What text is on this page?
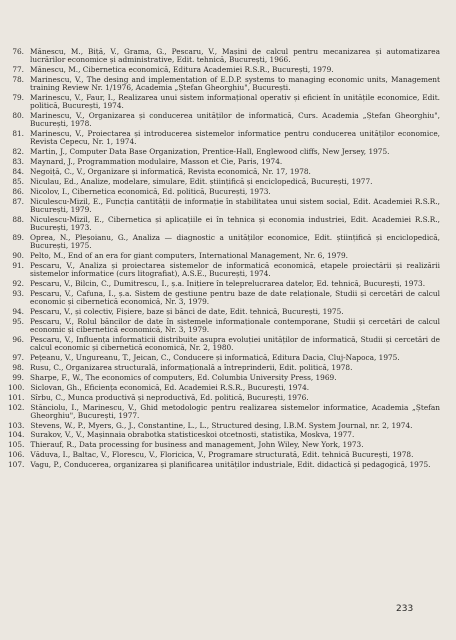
76. Mănescu, M., Biță, V., Grama, G., Pescaru, V., Mașini de calcul pentru mecanizarea și automatizarea lucrărilor economice și administrative, Edit. tehnică, București, 1966.
77. Mănescu, M., Cibernetica economică, Editura Academiei R.S.R., București, 1979.
78. Marinescu, V., The desing and implementation of E.D.P. systems to managing economic units, Management training Review Nr. 1/1976, Academia „Ștefan Gheorghiu", București.
79. Marinescu, V., Faur, I., Realizarea unui sistem informațional operativ și eficient în unitățile economice, Edit. politică, București, 1974.
80. Marinescu, V., Organizarea și conducerea unităților de informatică, Curs. Academia „Ștefan Gheorghiu", București, 1978.
81. Marinescu, V., Proiectarea și introducerea sistemelor informatice pentru conducerea unităților economice, Revista Cepecu, Nr. 1, 1974.
82. Martin, J., Computer Data Base Organization, Prentice-Hall, Englewood cliffs, New Jersey, 1975.
83. Maynard, J., Programmation modulaire, Masson et Cie, Paris, 1974.
84. Negoiță, C., V., Organizare și informatică, Revista economică, Nr. 17, 1978.
85. Niculau, Ed., Analize, modelare, simulare, Edit. științifică și enciclopedică, București, 1977.
86. Nicolov, I., Cibernetica economică, Ed. politică, București, 1973.
87. Niculescu-Mizil, E., Funcția cantității de informație în stabilitatea unui sistem social, Edit. Academiei R.S.R., București, 1979.
88. Niculescu-Mizil, E., Cibernetica și aplicațiile ei în tehnica și economia industriei, Edit. Academiei R.S.R., București, 1973.
89. Oprea, N., Pleșoianu, G., Analiza — diagnostic a unităților economice, Edit. științifică și enciclopedică, București, 1975.
90. Pelto, M., End of an era for giant computers, International Management, Nr. 6, 1979.
91. Pescaru, V., Analiza și proiectarea sistemelor de informatică economică, etapele proiectării și realizării sistemelor informatice (curs litografiat), A.S.E., București, 1974.
92. Pescaru, V., Bilcin, C., Dumitrescu, I., ș.a. Inițiere în teleprelucrarea datelor, Ed. tehnică, București, 1973.
93. Pescaru, V., Cafuna, I., ș.a. Sistem de gestiune pentru baze de date relaționale, Studii și cercetări de calcul economic și cibernetică economică, Nr. 3, 1979.
94. Pescaru, V., și colectiv, Fișiere, baze și bănci de date, Edit. tehnică, București, 1975.
95. Pescaru, V., Rolul băncilor de date în sistemele informaționale contemporane, Studii și cercetări de calcul economic și cibernetică economică, Nr. 3, 1979.
96. Pescaru, V., Influența informaticii distribuite asupra evoluției unităților de informatică, Studii și cercetări de calcul economic și cibernetică economică, Nr. 2, 1980.
97. Pețeanu, V., Ungureanu, T., Jeican, C., Conducere și informatică, Editura Dacia, Cluj-Napoca, 1975.
98. Rusu, C., Organizarea structurală, informațională a întreprinderii, Edit. politică, 1978.
99. Sharpe, F., W., The economics of computers, Ed. Columbia University Press, 1969.
100. Siclovan, Gh., Eficiența economică, Ed. Academiei R.S.R., București, 1974.
101. Sîrbu, C., Munca productivă și neproductivă, Ed. politică, București, 1976.
102. Stănciolu, I., Marinescu, V., Ghid metodologic pentru realizarea sistemelor informatice, Academia „Ștefan Gheorghiu", București, 1977.
103. Stevens, W., P., Myers, G., J., Constantine, L., L., Structured desing, I.B.M. System Journal, nr. 2, 1974.
104. Surakov, V., V., Mașinnaia obrabotka statisticeskoi otcetnosti, statistika, Moskva, 1977.
105. Thierauf, R., Data processing for business and management, John Wiley, New York, 1973.
106. Văduva, I., Baltac, V., Florescu, V., Floricica, V., Programare structurată, Edit. tehnică București, 1978.
107. Vagu, P., Conducerea, organizarea și planificarea unităților industriale, Edit. didactică și pedagogică, 1975.
233
